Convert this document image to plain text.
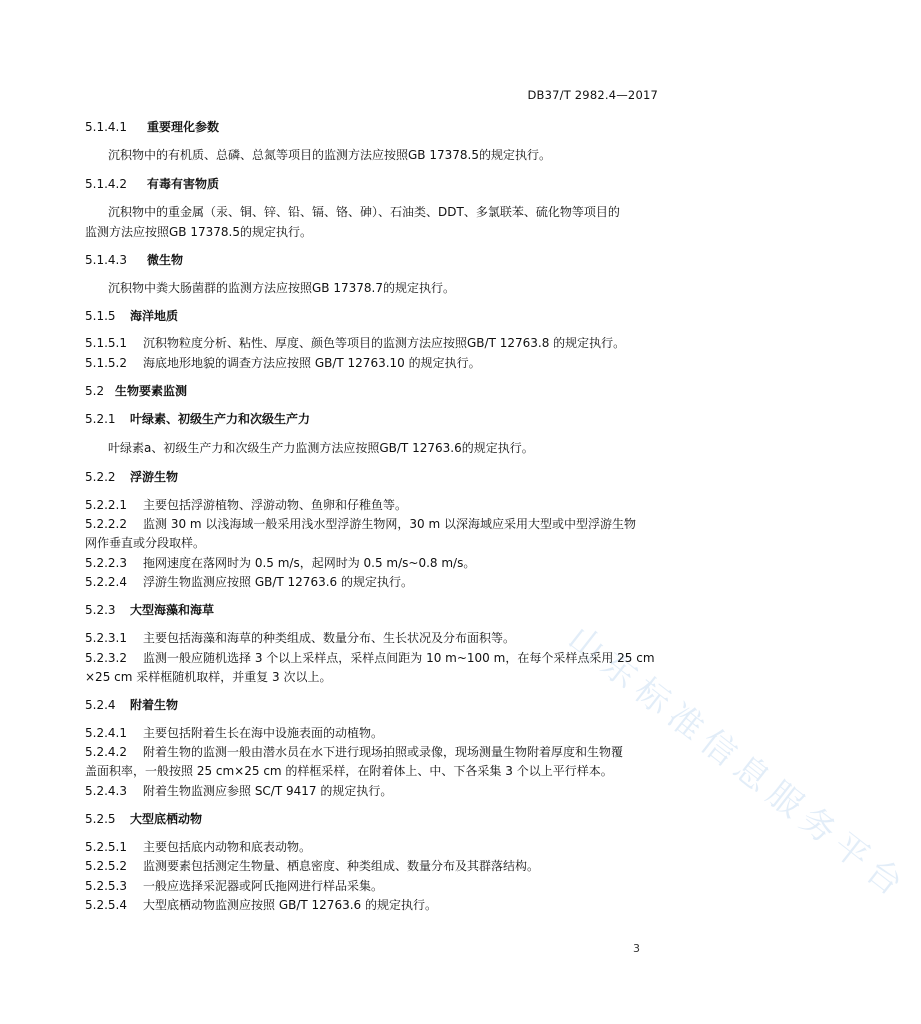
DB37/T 2982.4—2017
山东标准信息服务平台
5.1.4.1 重要理化参数
沉积物中的有机质、总磷、总氮等项目的监测方法应按照GB 17378.5的规定执行。
5.1.4.2 有毒有害物质
沉积物中的重金属（汞、铜、锌、铅、镉、铬、砷）、石油类、DDT、多氯联苯、硫化物等项目的
监测方法应按照GB 17378.5的规定执行。
5.1.4.3 微生物
沉积物中粪大肠菌群的监测方法应按照GB 17378.7的规定执行。
5.1.5 海洋地质
5.1.5.1 沉积物粒度分析、粘性、厚度、颜色等项目的监测方法应按照GB/T 12763.8 的规定执行。
5.1.5.2 海底地形地貌的调查方法应按照 GB/T 12763.10 的规定执行。
5.2 生物要素监测
5.2.1 叶绿素、初级生产力和次级生产力
叶绿素a、初级生产力和次级生产力监测方法应按照GB/T 12763.6的规定执行。
5.2.2 浮游生物
5.2.2.1 主要包括浮游植物、浮游动物、鱼卵和仔稚鱼等。
5.2.2.2 监测 30 m 以浅海域一般采用浅水型浮游生物网，30 m 以深海域应采用大型或中型浮游生物
网作垂直或分段取样。
5.2.2.3 拖网速度在落网时为 0.5 m/s，起网时为 0.5 m/s~0.8 m/s。
5.2.2.4 浮游生物监测应按照 GB/T 12763.6 的规定执行。
5.2.3 大型海藻和海草
5.2.3.1 主要包括海藻和海草的种类组成、数量分布、生长状况及分布面积等。
5.2.3.2 监测一般应随机选择 3 个以上采样点，采样点间距为 10 m~100 m，在每个采样点采用 25 cm
×25 cm 采样框随机取样，并重复 3 次以上。
5.2.4 附着生物
5.2.4.1 主要包括附着生长在海中设施表面的动植物。
5.2.4.2 附着生物的监测一般由潜水员在水下进行现场拍照或录像，现场测量生物附着厚度和生物覆
盖面积率，一般按照 25 cm×25 cm 的样框采样，在附着体上、中、下各采集 3 个以上平行样本。
5.2.4.3 附着生物监测应参照 SC/T 9417 的规定执行。
5.2.5 大型底栖动物
5.2.5.1 主要包括底内动物和底表动物。
5.2.5.2 监测要素包括测定生物量、栖息密度、种类组成、数量分布及其群落结构。
5.2.5.3 一般应选择采泥器或阿氏拖网进行样品采集。
5.2.5.4 大型底栖动物监测应按照 GB/T 12763.6 的规定执行。
3
